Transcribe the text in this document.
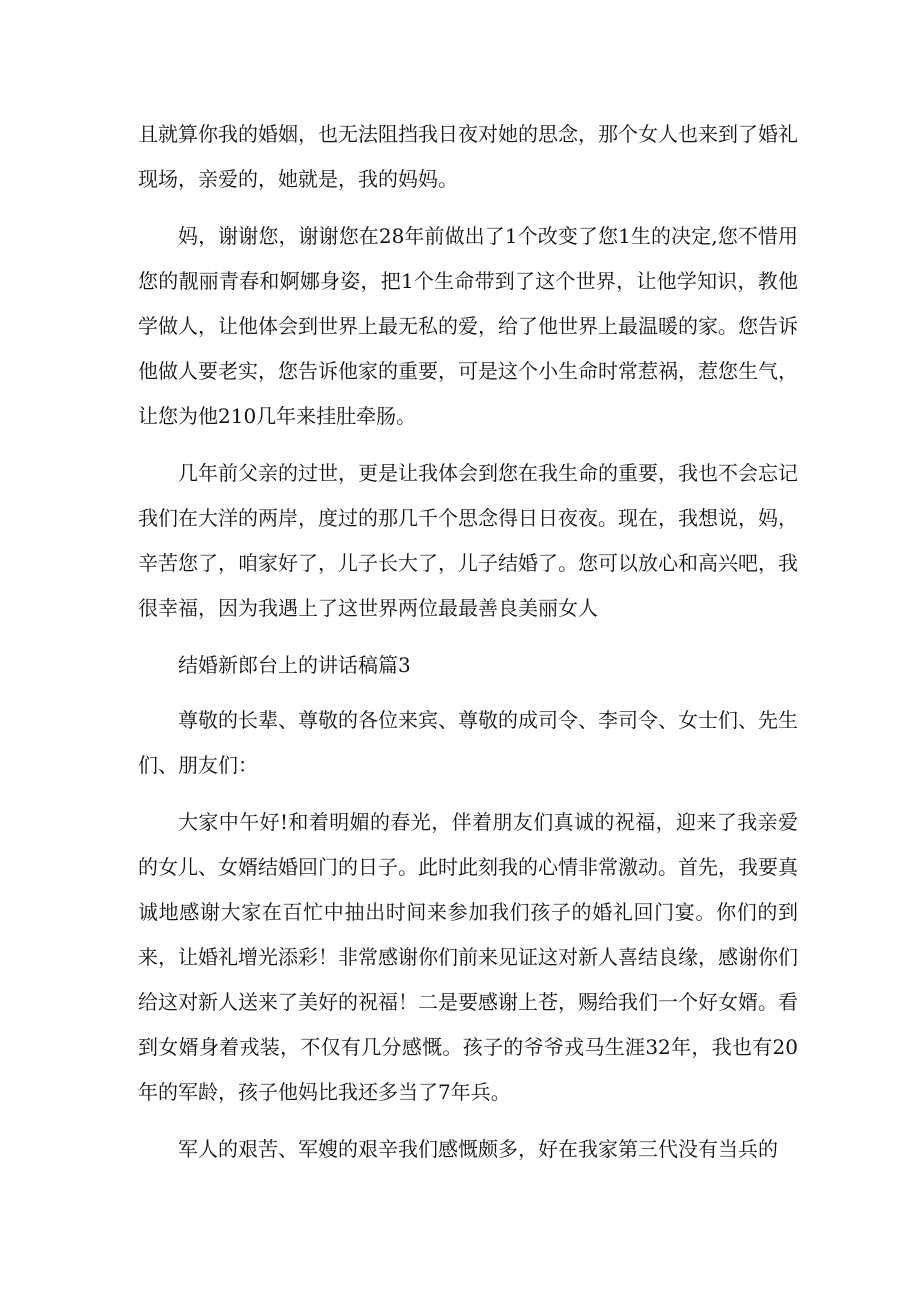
且就算你我的婚姻，也无法阻挡我日夜对她的思念，那个女人也来到了婚礼现场，亲爱的，她就是，我的妈妈。

妈，谢谢您，谢谢您在28年前做出了1个改变了您1生的决定,您不惜用您的靓丽青春和婀娜身姿，把1个生命带到了这个世界，让他学知识，教他学做人，让他体会到世界上最无私的爱，给了他世界上最温暖的家。您告诉他做人要老实，您告诉他家的重要，可是这个小生命时常惹祸，惹您生气，让您为他210几年来挂肚牵肠。

几年前父亲的过世，更是让我体会到您在我生命的重要，我也不会忘记我们在大洋的两岸，度过的那几千个思念得日日夜夜。现在，我想说，妈，辛苦您了，咱家好了，儿子长大了，儿子结婚了。您可以放心和高兴吧，我很幸福，因为我遇上了这世界两位最最善良美丽女人

结婚新郎台上的讲话稿篇3

尊敬的长辈、尊敬的各位来宾、尊敬的成司令、李司令、女士们、先生们、朋友们：

大家中午好!和着明媚的春光，伴着朋友们真诚的祝福，迎来了我亲爱的女儿、女婿结婚回门的日子。此时此刻我的心情非常激动。首先，我要真诚地感谢大家在百忙中抽出时间来参加我们孩子的婚礼回门宴。你们的到来，让婚礼增光添彩！非常感谢你们前来见证这对新人喜结良缘，感谢你们给这对新人送来了美好的祝福！二是要感谢上苍，赐给我们一个好女婿。看到女婿身着戎装，不仅有几分感慨。孩子的爷爷戎马生涯32年，我也有20年的军龄，孩子他妈比我还多当了7年兵。

军人的艰苦、军嫂的艰辛我们感慨颇多，好在我家第三代没有当兵的
